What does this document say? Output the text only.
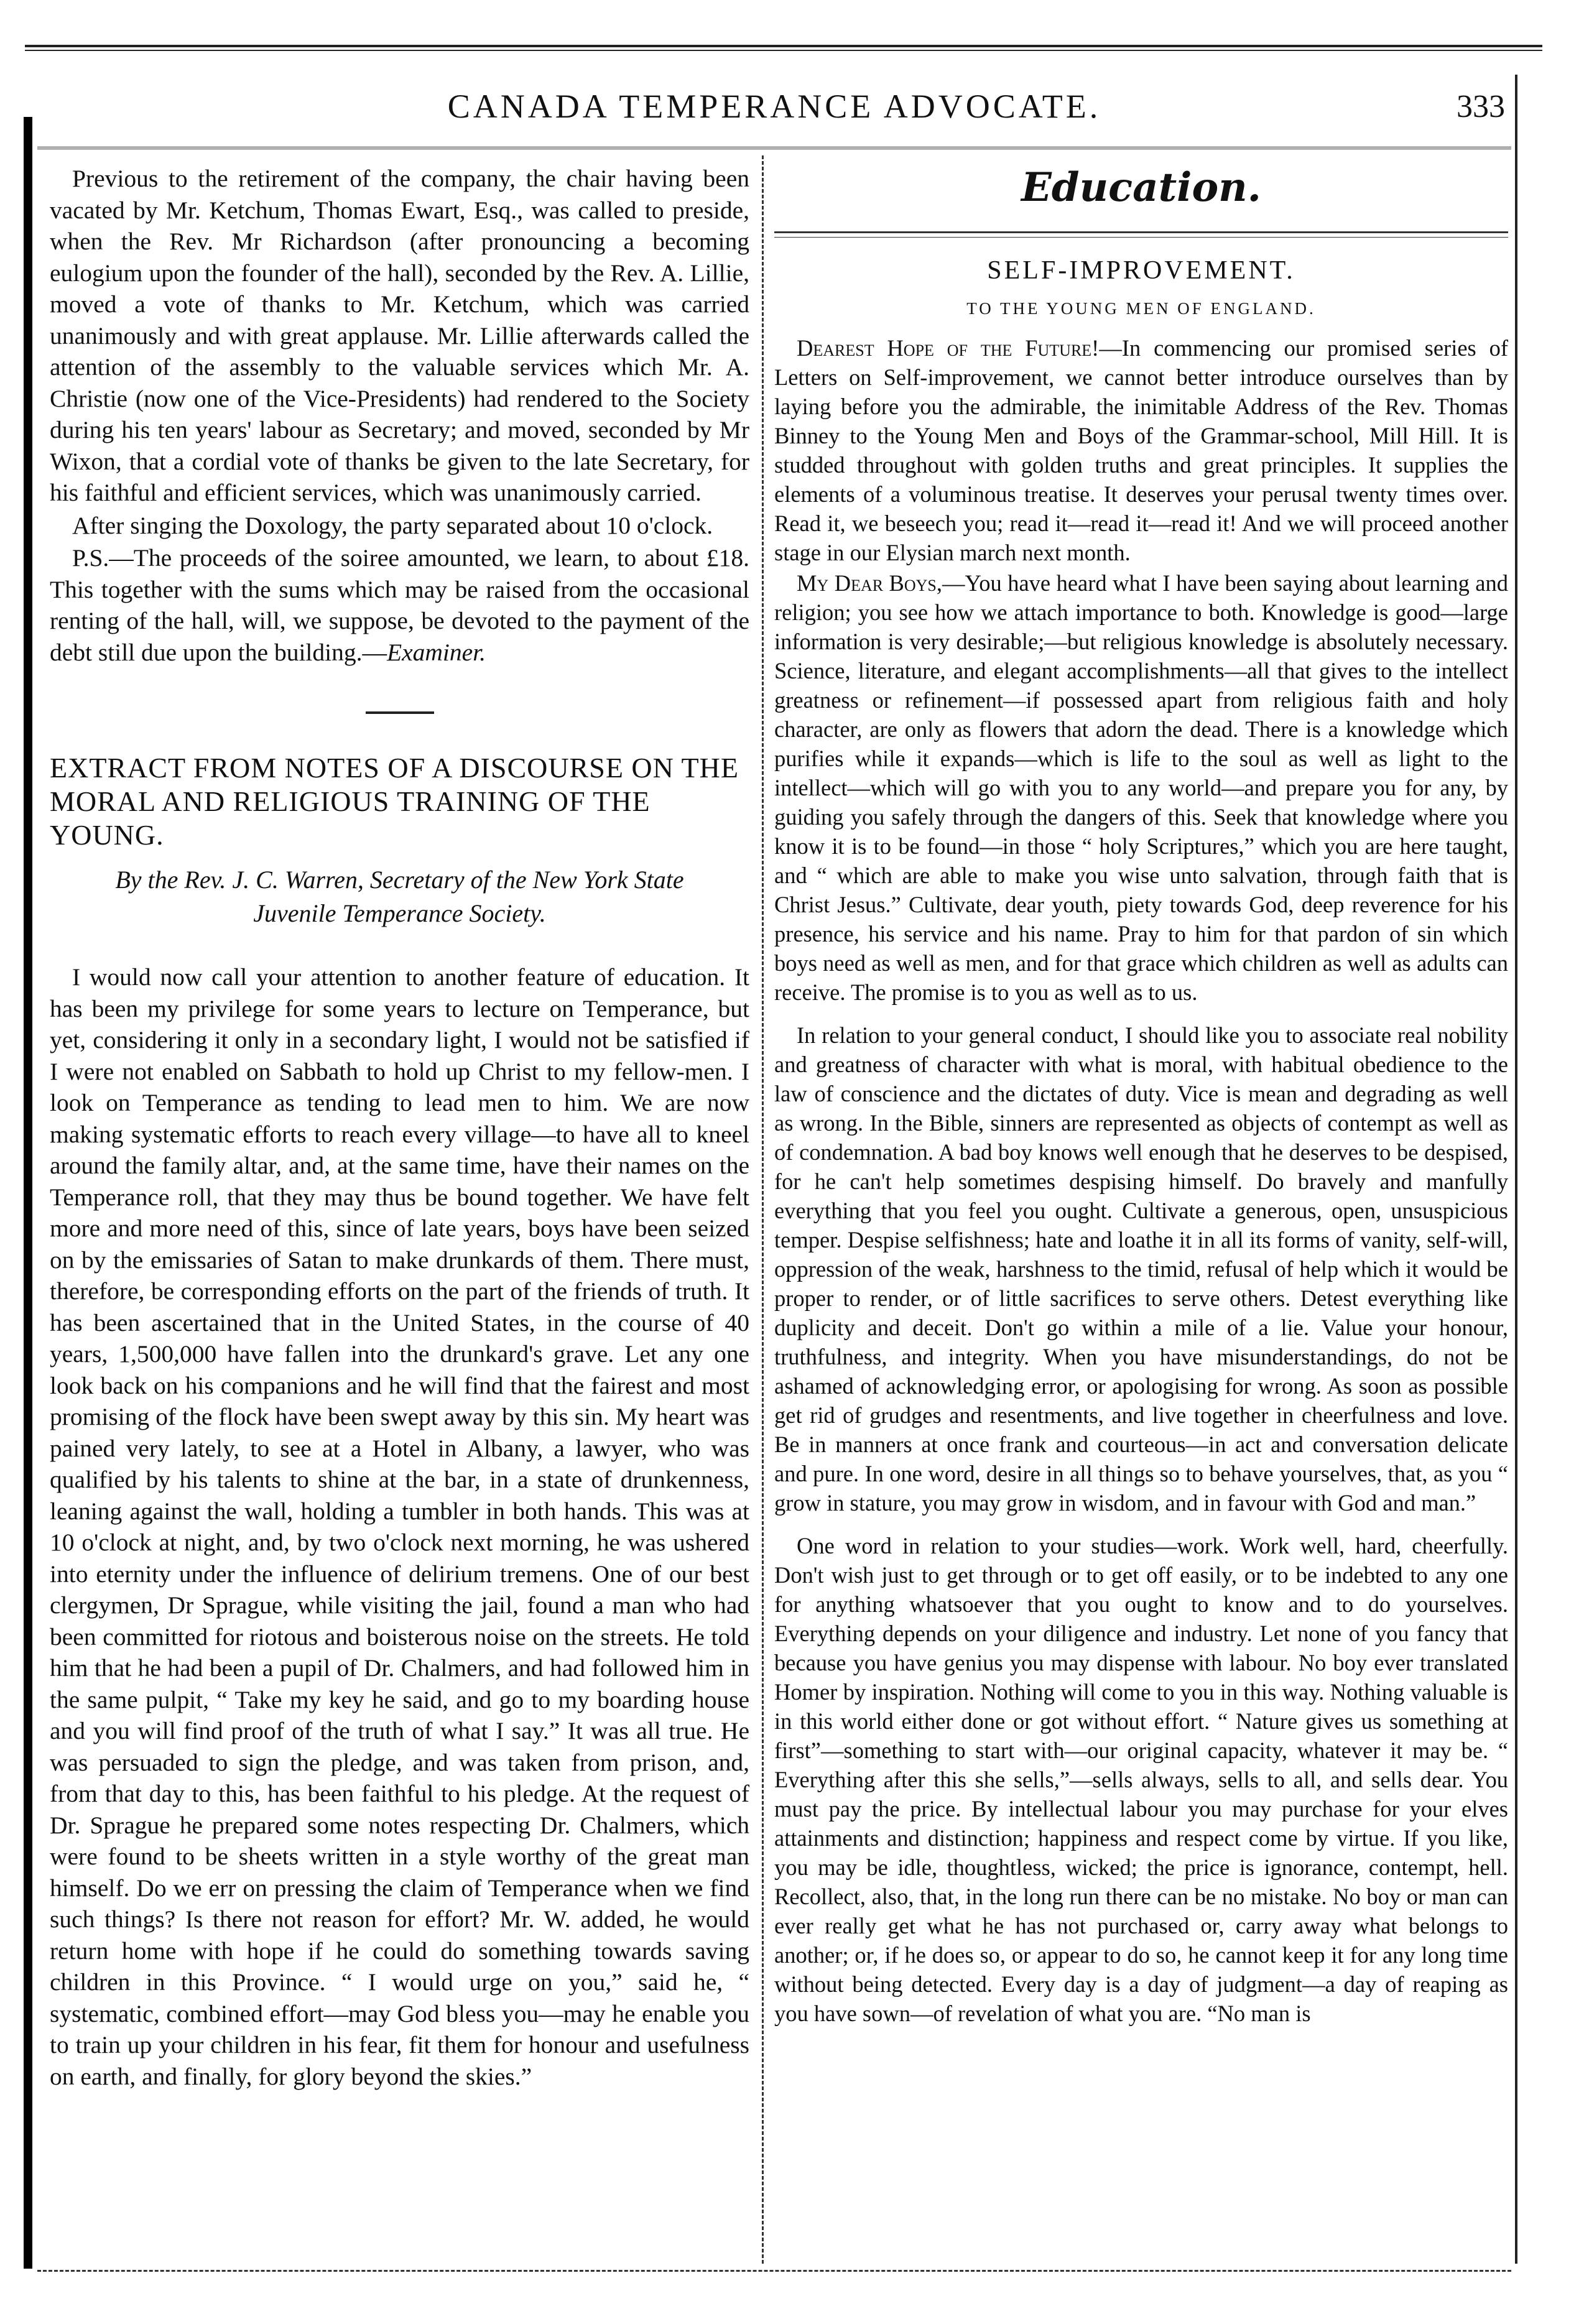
CANADA TEMPERANCE ADVOCATE.	333

Previous to the retirement of the company, the chair having been vacated by Mr. Ketchum, Thomas Ewart, Esq., was called to preside, when the Rev. Mr Richardson (after pronouncing a becoming eulogium upon the founder of the hall), seconded by the Rev. A. Lillie, moved a vote of thanks to Mr. Ketchum, which was carried unanimously and with great applause. Mr. Lillie afterwards called the attention of the assembly to the valuable services which Mr. A. Christie (now one of the Vice-Presidents) had rendered to the Society during his ten years' labour as Secretary; and moved, seconded by Mr Wixon, that a cordial vote of thanks be given to the late Secretary, for his faithful and efficient services, which was unanimously carried.

After singing the Doxology, the party separated about 10 o'clock.

P.S.—The proceeds of the soiree amounted, we learn, to about £18. This together with the sums which may be raised from the occasional renting of the hall, will, we suppose, be devoted to the payment of the debt still due upon the building.—Examiner.

EXTRACT FROM NOTES OF A DISCOURSE ON THE MORAL AND RELIGIOUS TRAINING OF THE YOUNG.
By the Rev. J. C. Warren, Secretary of the New York State
Juvenile Temperance Society.

I would now call your attention to another feature of education. It has been my privilege for some years to lecture on Temperance, but yet, considering it only in a secondary light, I would not be satisfied if I were not enabled on Sabbath to hold up Christ to my fellow-men. I look on Temperance as tending to lead men to him. We are now making systematic efforts to reach every village—to have all to kneel around the family altar, and, at the same time, have their names on the Temperance roll, that they may thus be bound together. We have felt more and more need of this, since of late years, boys have been seized on by the emissaries of Satan to make drunkards of them. There must, therefore, be corresponding efforts on the part of the friends of truth. It has been ascertained that in the United States, in the course of 40 years, 1,500,000 have fallen into the drunkard's grave. Let any one look back on his companions and he will find that the fairest and most promising of the flock have been swept away by this sin. My heart was pained very lately, to see at a Hotel in Albany, a lawyer, who was qualified by his talents to shine at the bar, in a state of drunkenness, leaning against the wall, holding a tumbler in both hands. This was at 10 o'clock at night, and, by two o'clock next morning, he was ushered into eternity under the influence of delirium tremens. One of our best clergymen, Dr Sprague, while visiting the jail, found a man who had been committed for riotous and boisterous noise on the streets. He told him that he had been a pupil of Dr. Chalmers, and had followed him in the same pulpit, “ Take my key he said, and go to my boarding house and you will find proof of the truth of what I say.” It was all true. He was persuaded to sign the pledge, and was taken from prison, and, from that day to this, has been faithful to his pledge. At the request of Dr. Sprague he prepared some notes respecting Dr. Chalmers, which were found to be sheets written in a style worthy of the great man himself. Do we err on pressing the claim of Temperance when we find such things? Is there not reason for effort? Mr. W. added, he would return home with hope if he could do something towards saving children in this Province. “ I would urge on you,” said he, “ systematic, combined effort—may God bless you—may he enable you to train up your children in his fear, fit them for honour and usefulness on earth, and finally, for glory beyond the skies.”

Education.
SELF-IMPROVEMENT.
TO THE YOUNG MEN OF ENGLAND.

Dearest Hope of the Future!—In commencing our promised series of Letters on Self-improvement, we cannot better introduce ourselves than by laying before you the admirable, the inimitable Address of the Rev. Thomas Binney to the Young Men and Boys of the Grammar-school, Mill Hill. It is studded throughout with golden truths and great principles. It supplies the elements of a voluminous treatise. It deserves your perusal twenty times over. Read it, we beseech you; read it—read it—read it! And we will proceed another stage in our Elysian march next month.

My Dear Boys,—You have heard what I have been saying about learning and religion; you see how we attach importance to both. Knowledge is good—large information is very desirable;—but religious knowledge is absolutely necessary. Science, literature, and elegant accomplishments—all that gives to the intellect greatness or refinement—if possessed apart from religious faith and holy character, are only as flowers that adorn the dead. There is a knowledge which purifies while it expands—which is life to the soul as well as light to the intellect—which will go with you to any world—and prepare you for any, by guiding you safely through the dangers of this. Seek that knowledge where you know it is to be found—in those “ holy Scriptures,” which you are here taught, and “ which are able to make you wise unto salvation, through faith that is Christ Jesus.” Cultivate, dear youth, piety towards God, deep reverence for his presence, his service and his name. Pray to him for that pardon of sin which boys need as well as men, and for that grace which children as well as adults can receive. The promise is to you as well as to us.

In relation to your general conduct, I should like you to associate real nobility and greatness of character with what is moral, with habitual obedience to the law of conscience and the dictates of duty. Vice is mean and degrading as well as wrong. In the Bible, sinners are represented as objects of contempt as well as of condemnation. A bad boy knows well enough that he deserves to be despised, for he can't help sometimes despising himself. Do bravely and manfully everything that you feel you ought. Cultivate a generous, open, unsuspicious temper. Despise selfishness; hate and loathe it in all its forms of vanity, self-will, oppression of the weak, harshness to the timid, refusal of help which it would be proper to render, or of little sacrifices to serve others. Detest everything like duplicity and deceit. Don't go within a mile of a lie. Value your honour, truthfulness, and integrity. When you have misunderstandings, do not be ashamed of acknowledging error, or apologising for wrong. As soon as possible get rid of grudges and resentments, and live together in cheerfulness and love. Be in manners at once frank and courteous—in act and conversation delicate and pure. In one word, desire in all things so to behave yourselves, that, as you “ grow in stature, you may grow in wisdom, and in favour with God and man.”

One word in relation to your studies—work. Work well, hard, cheerfully. Don't wish just to get through or to get off easily, or to be indebted to any one for anything whatsoever that you ought to know and to do yourselves. Everything depends on your diligence and industry. Let none of you fancy that because you have genius you may dispense with labour. No boy ever translated Homer by inspiration. Nothing will come to you in this way. Nothing valuable is in this world either done or got without effort. “ Nature gives us something at first”—something to start with—our original capacity, whatever it may be. “ Everything after this she sells,”—sells always, sells to all, and sells dear. You must pay the price. By intellectual labour you may purchase for your elves attainments and distinction; happiness and respect come by virtue. If you like, you may be idle, thoughtless, wicked; the price is ignorance, contempt, hell. Recollect, also, that, in the long run there can be no mistake. No boy or man can ever really get what he has not purchased or, carry away what belongs to another; or, if he does so, or appear to do so, he cannot keep it for any long time without being detected. Every day is a day of judgment—a day of reaping as you have sown—of revelation of what you are. “No man is
